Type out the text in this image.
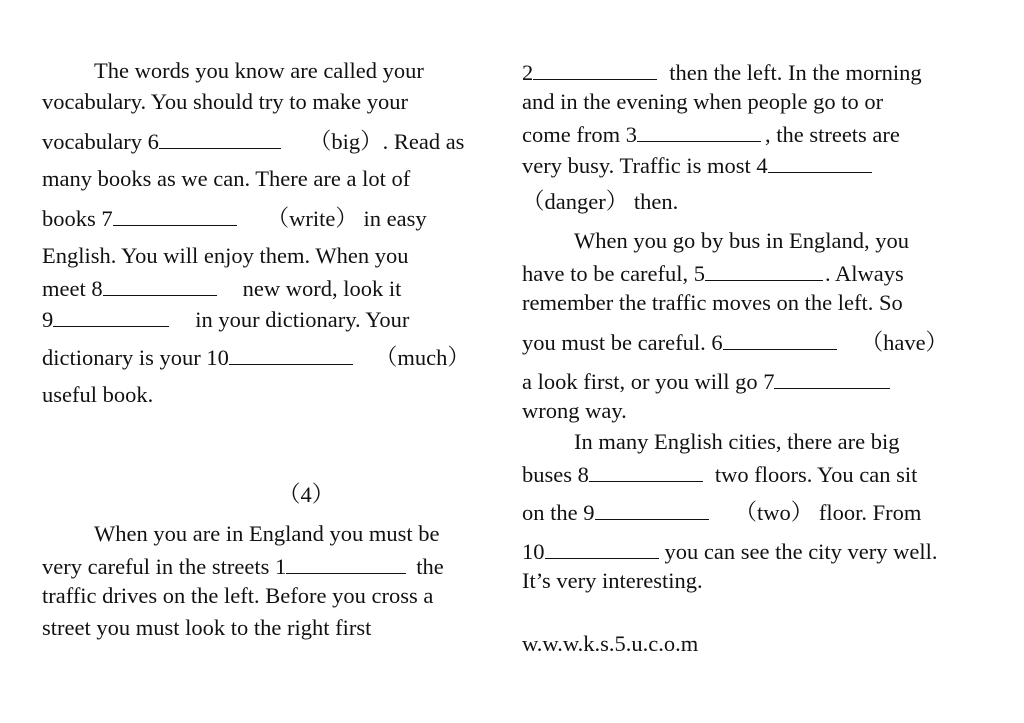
The words you know are called your
vocabulary. You should try to make your
vocabulary 6	（big）. Read as
many books as we can. There are a lot of
books 7	（write） in easy
English. You will enjoy them. When you
meet 8	new word, look it
9	in your dictionary. Your
dictionary is your 10	（much）
useful book.
（4）
When you are in England you must be
very careful in the streets 1	the
traffic drives on the left. Before you cross a
street you must look to the right first
2	then the left. In the morning
and in the evening when people go to or
come from 3	, the streets are
very busy. Traffic is most 4
（danger） then.
When you go by bus in England, you
have to be careful, 5	. Always
remember the traffic moves on the left. So
you must be careful. 6	（have）
a look first, or you will go 7
wrong way.
In many English cities, there are big
buses 8	two floors. You can sit
on the 9	（two） floor. From
10	you can see the city very well.
It’s very interesting.
w.w.w.k.s.5.u.c.o.m
